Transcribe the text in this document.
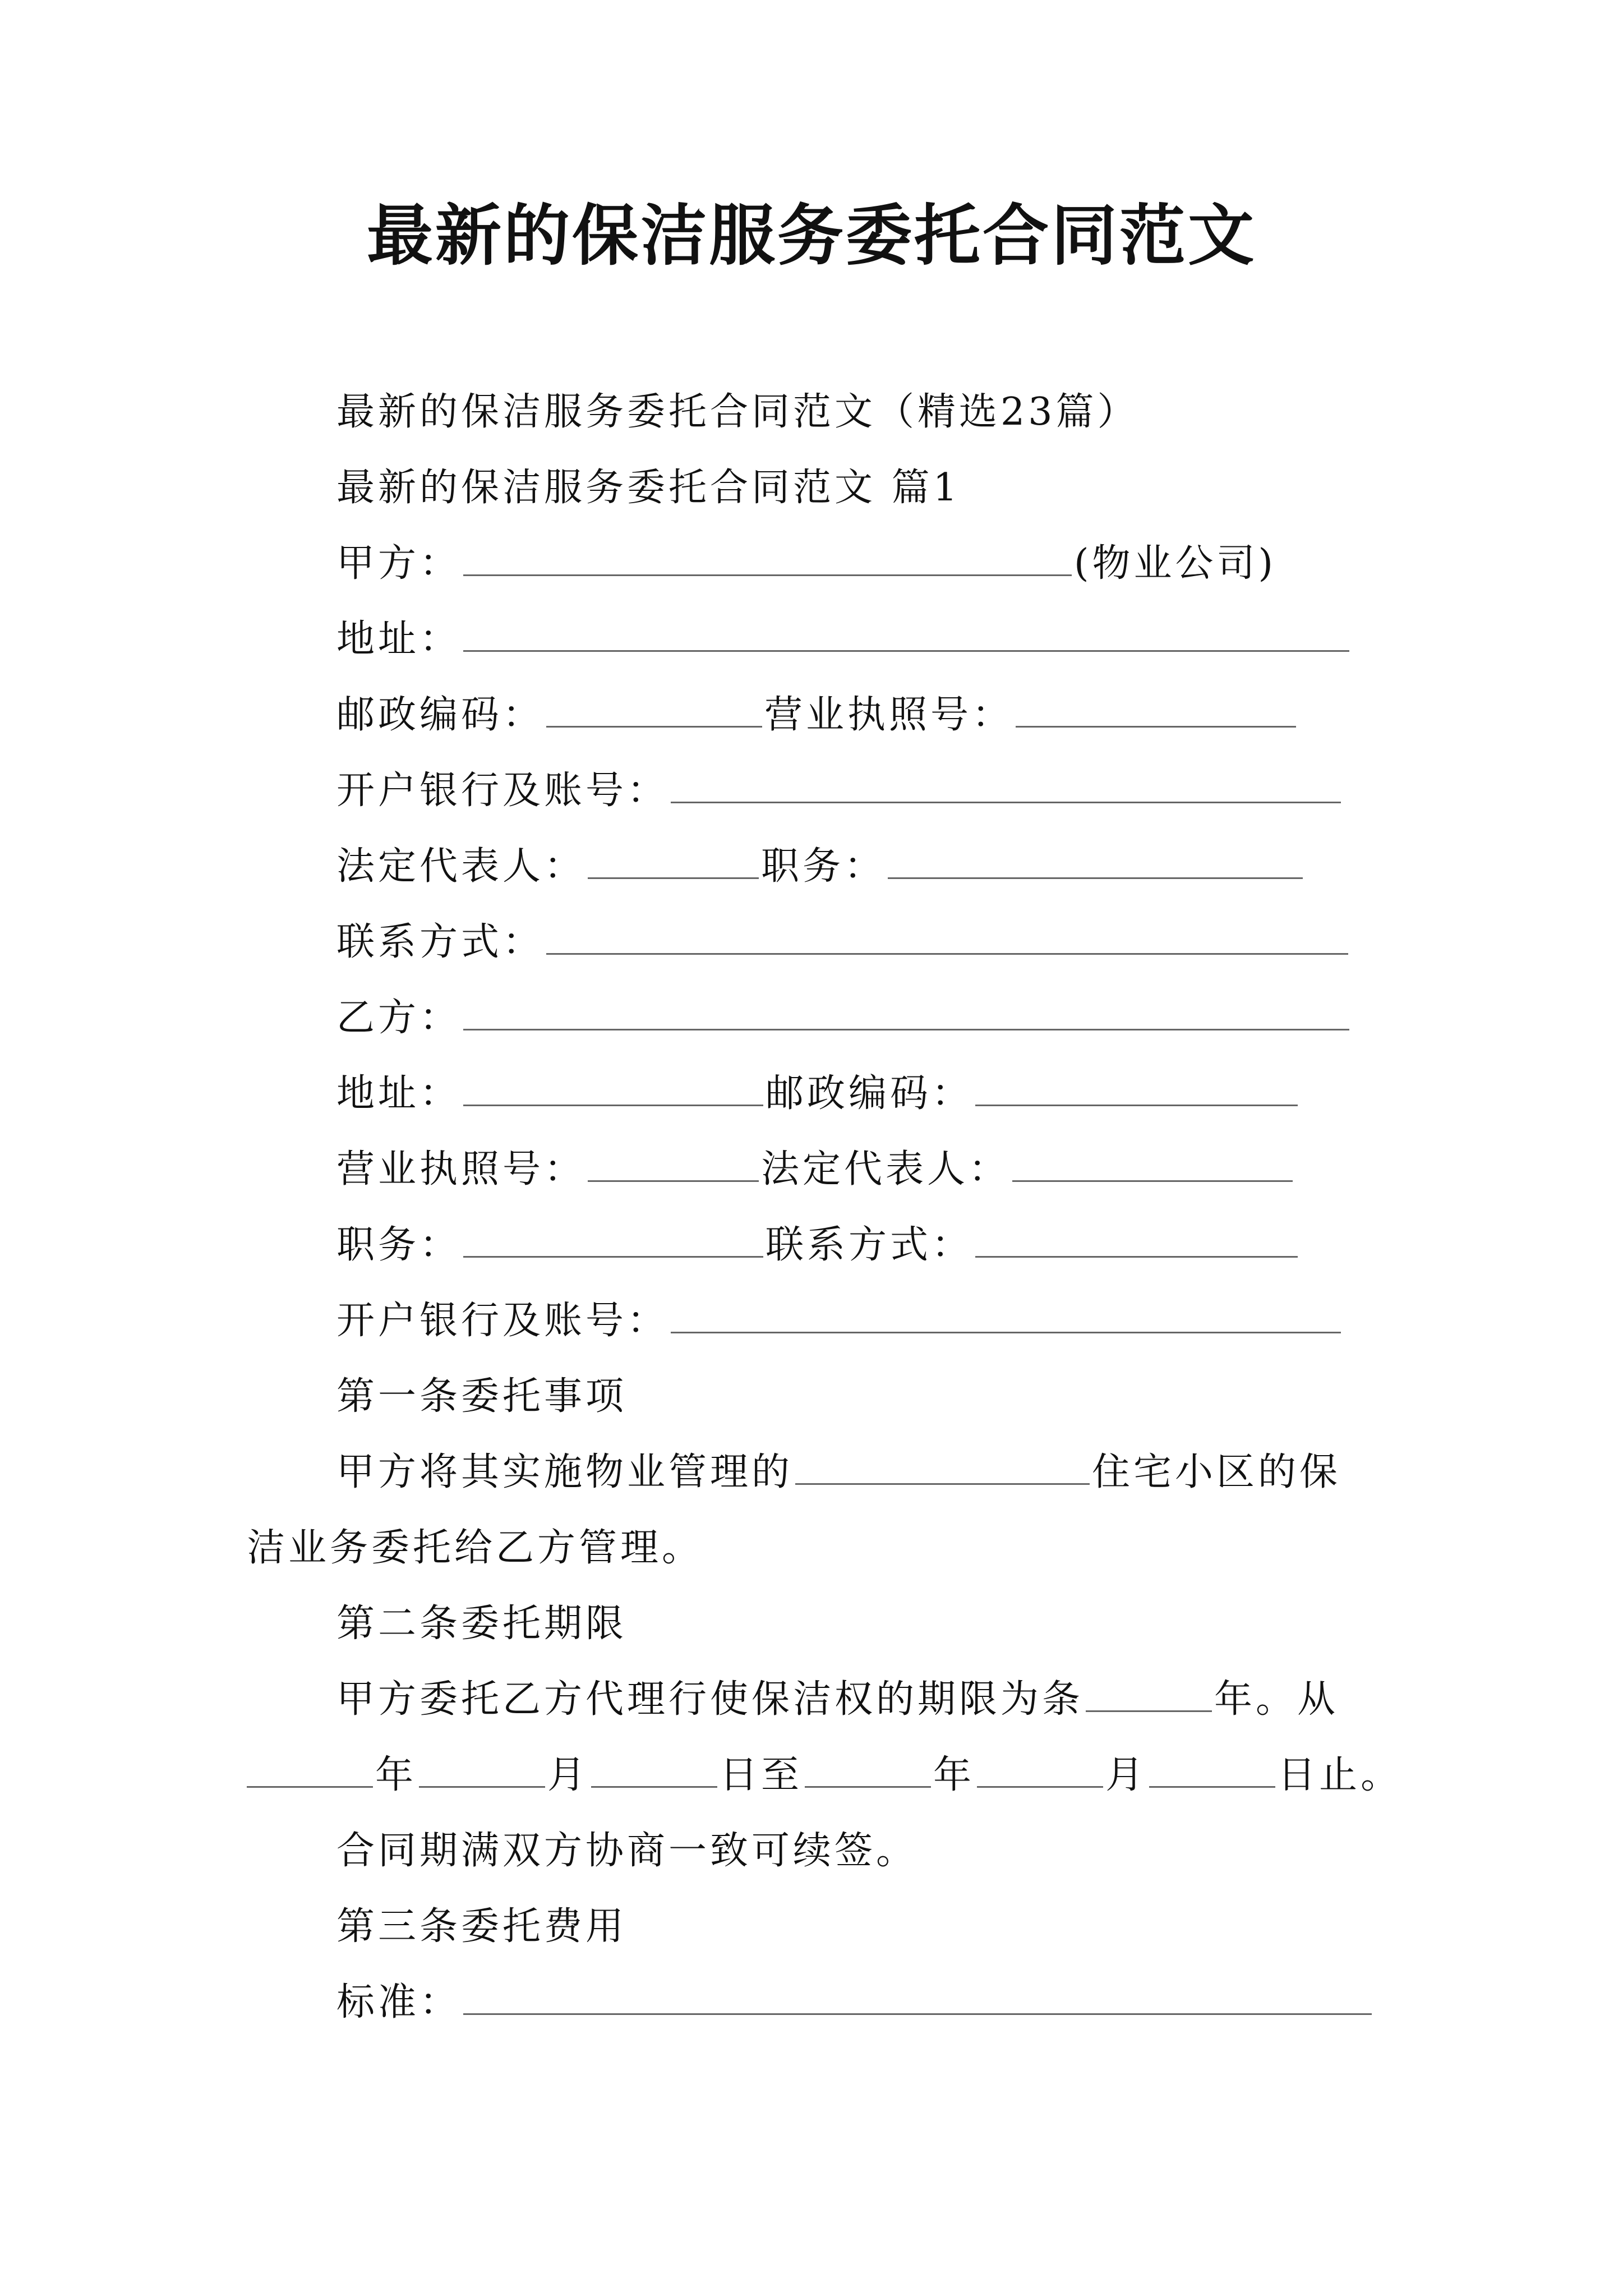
最新的保洁服务委托合同范文
最新的保洁服务委托合同范文（精选23篇）
最新的保洁服务委托合同范文 篇1
甲方：	(物业公司)
地址：
邮政编码：	营业执照号：
开户银行及账号：
法定代表人：	职务：
联系方式：
乙方：
地址：	邮政编码：
营业执照号：	法定代表人：
职务：	联系方式：
开户银行及账号：
第一条委托事项
甲方将其实施物业管理的	住宅小区的保
洁业务委托给乙方管理。
第二条委托期限
甲方委托乙方代理行使保洁权的期限为条	年。从
年	月	日至	年	月	日止。
合同期满双方协商一致可续签。
第三条委托费用
标准：
